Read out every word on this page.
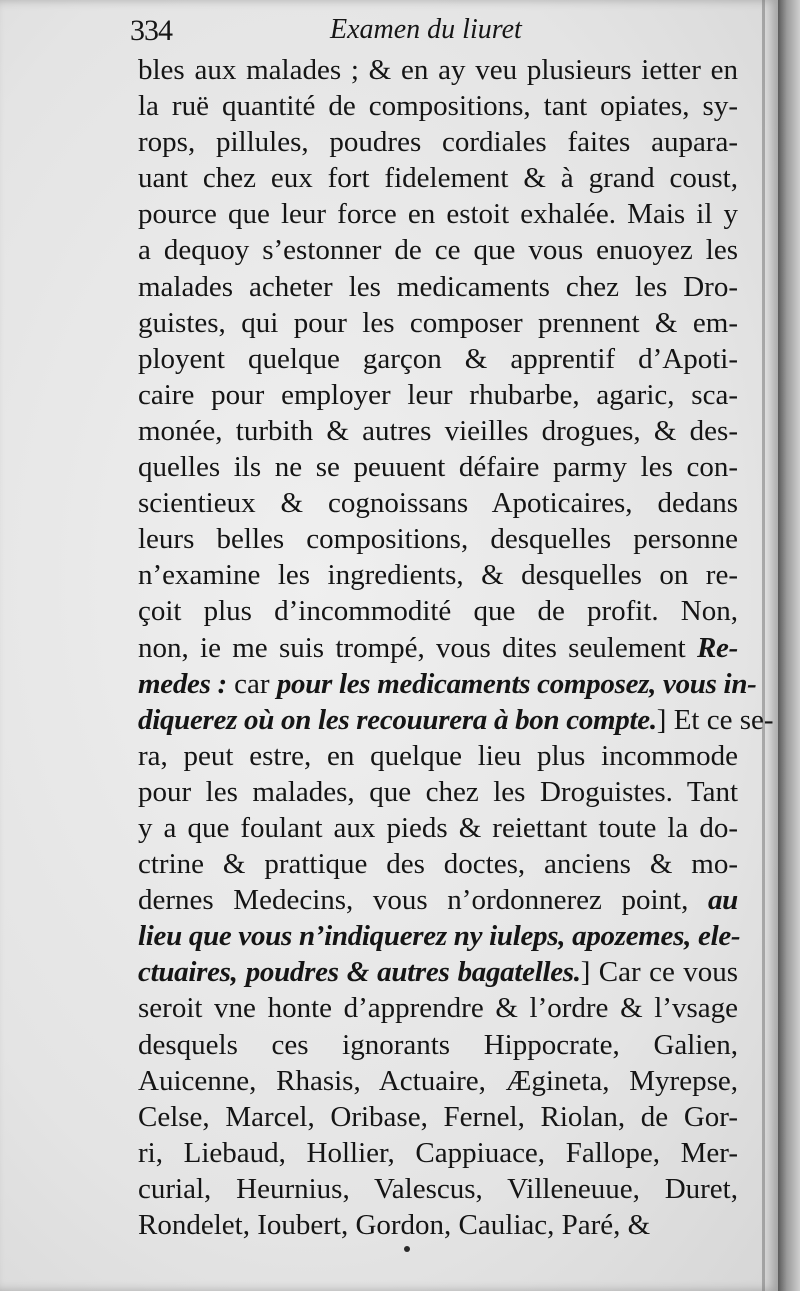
334	Examen du liuret
bles aux malades ; & en ay veu plusieurs ietter en
la ruë quantité de compositions, tant opiates, sy-
rops, pillules, poudres cordiales faites aupara-
uant chez eux fort fidelement & à grand coust,
pource que leur force en estoit exhalée. Mais il y
a dequoy s’estonner de ce que vous enuoyez les
malades acheter les medicaments chez les Dro-
guistes, qui pour les composer prennent & em-
ployent quelque garçon & apprentif d’Apoti-
caire pour employer leur rhubarbe, agaric, sca-
monée, turbith & autres vieilles drogues, & des-
quelles ils ne se peuuent défaire parmy les con-
scientieux & cognoissans Apoticaires, dedans
leurs belles compositions, desquelles personne
n’examine les ingredients, & desquelles on re-
çoit plus d’incommodité que de profit. Non,
non, ie me suis trompé, vous dites seulement Re-
medes : car pour les medicaments composez, vous in-
diquerez où on les recouurera à bon compte.] Et ce se-
ra, peut estre, en quelque lieu plus incommode
pour les malades, que chez les Droguistes. Tant
y a que foulant aux pieds & reiettant toute la do-
ctrine & prattique des doctes, anciens & mo-
dernes Medecins, vous n’ordonnerez point, au
lieu que vous n’indiquerez ny iuleps, apozemes, ele-
ctuaires, poudres & autres bagatelles.] Car ce vous
seroit vne honte d’apprendre & l’ordre & l’vsage
desquels ces ignorants Hippocrate, Galien,
Auicenne, Rhasis, Actuaire, Ægineta, Myrepse,
Celse, Marcel, Oribase, Fernel, Riolan, de Gor-
ri, Liebaud, Hollier, Cappiuace, Fallope, Mer-
curial, Heurnius, Valescus, Villeneuue, Duret,
Rondelet, Ioubert, Gordon, Cauliac, Paré, &
